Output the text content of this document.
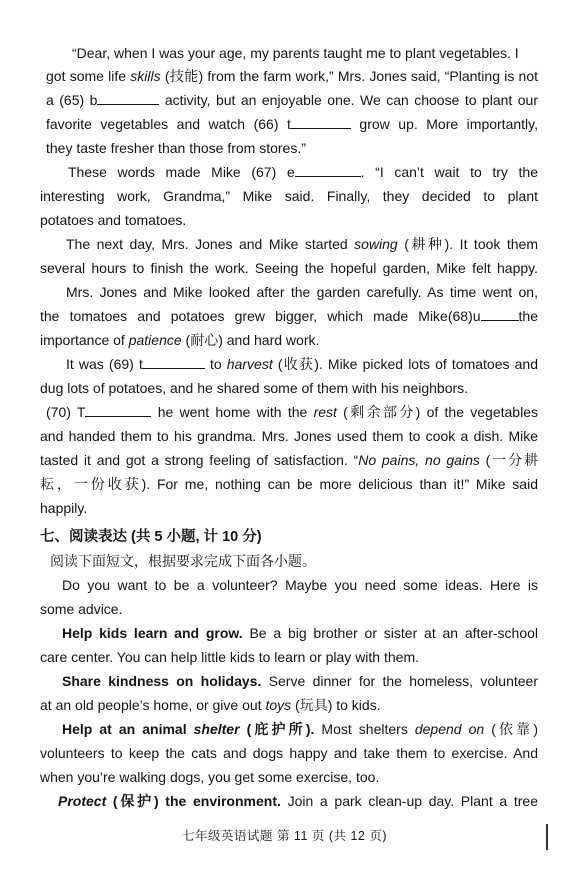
“Dear, when I was your age, my parents taught me to plant vegetables. I
got some life skills (技能) from the farm work,” Mrs. Jones said, “Planting is not
a (65) b	activity, but an enjoyable one. We can choose to plant our
favorite vegetables and watch (66) t	grow up. More importantly,
they taste fresher than those from stores.”
These words made Mike (67) e	. “I can’t wait to try the
interesting work, Grandma,” Mike said. Finally, they decided to plant
potatoes and tomatoes.
The next day, Mrs. Jones and Mike started sowing (耕种). It took them
several hours to finish the work. Seeing the hopeful garden, Mike felt happy.
Mrs. Jones and Mike looked after the garden carefully. As time went on,
the tomatoes and potatoes grew bigger, which made Mike(68)u	the
importance of patience (耐心) and hard work.
It was (69) t	to harvest (收获). Mike picked lots of tomatoes and
dug lots of potatoes, and he shared some of them with his neighbors.
(70) T	he went home with the rest (剩余部分) of the vegetables
and handed them to his grandma. Mrs. Jones used them to cook a dish. Mike
tasted it and got a strong feeling of satisfaction. “No pains, no gains (一分耕
耘，一份收获). For me, nothing can be more delicious than it!” Mike said
happily.
七、阅读表达 (共 5 小题, 计 10 分)
阅读下面短文，根据要求完成下面各小题。
Do you want to be a volunteer? Maybe you need some ideas. Here is
some advice.
Help kids learn and grow. Be a big brother or sister at an after-school
care center. You can help little kids to learn or play with them.
Share kindness on holidays. Serve dinner for the homeless, volunteer
at an old people’s home, or give out toys (玩具) to kids.
Help at an animal shelter (庇护所). Most shelters depend on (依靠)
volunteers to keep the cats and dogs happy and take them to exercise. And
when you’re walking dogs, you get some exercise, too.
Protect (保护) the environment. Join a park clean-up day. Plant a tree
七年级英语试题 第 11 页 (共 12 页)
